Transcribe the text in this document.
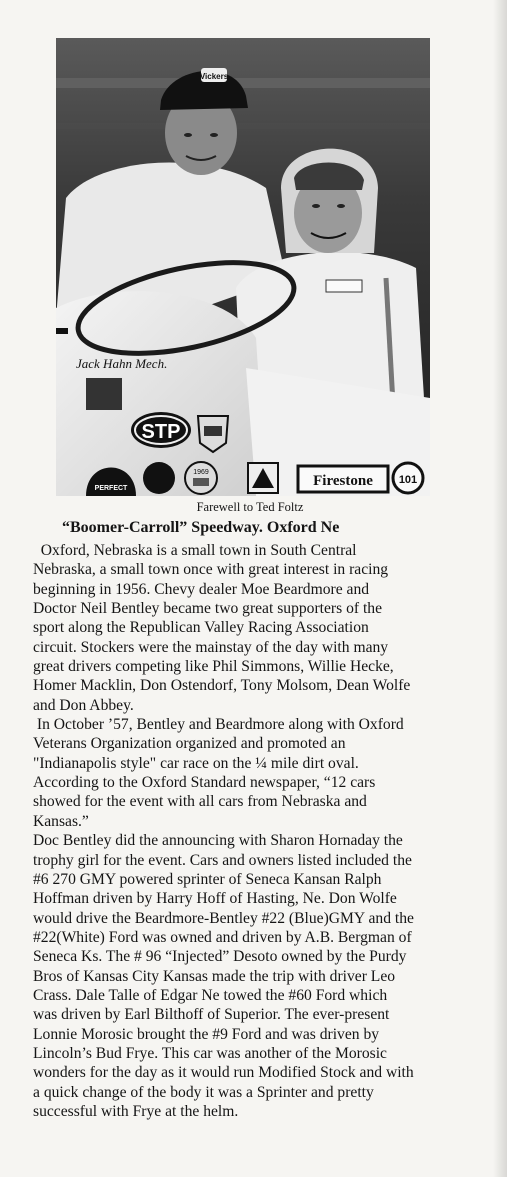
Vickers
Jack Hahn Mech.
STP
PERFECT
1969
Firestone 101
Farewell to Ted Foltz
“Boomer-Carroll” Speedway. Oxford Ne

Oxford, Nebraska is a small town in South Central
Nebraska, a small town once with great interest in racing
beginning in 1956. Chevy dealer Moe Beardmore and
Doctor Neil Bentley became two great supporters of the
sport along the Republican Valley Racing Association
circuit. Stockers were the mainstay of the day with many
great drivers competing like Phil Simmons, Willie Hecke,
Homer Macklin, Don Ostendorf, Tony Molsom, Dean Wolfe
and Don Abbey.

In October ’57, Bentley and Beardmore along with Oxford
Veterans Organization organized and promoted an
"Indianapolis style" car race on the ¼ mile dirt oval.
According to the Oxford Standard newspaper, “12 cars
showed for the event with all cars from Nebraska and
Kansas.”

Doc Bentley did the announcing with Sharon Hornaday the
trophy girl for the event. Cars and owners listed included the
#6 270 GMY powered sprinter of Seneca Kansan Ralph
Hoffman driven by Harry Hoff of Hasting, Ne. Don Wolfe
would drive the Beardmore-Bentley #22 (Blue)GMY and the
#22(White) Ford was owned and driven by A.B. Bergman of
Seneca Ks. The # 96 “Injected” Desoto owned by the Purdy
Bros of Kansas City Kansas made the trip with driver Leo
Crass. Dale Talle of Edgar Ne towed the #60 Ford which
was driven by Earl Bilthoff of Superior. The ever-present
Lonnie Morosic brought the #9 Ford and was driven by
Lincoln’s Bud Frye. This car was another of the Morosic
wonders for the day as it would run Modified Stock and with
a quick change of the body it was a Sprinter and pretty
successful with Frye at the helm.
